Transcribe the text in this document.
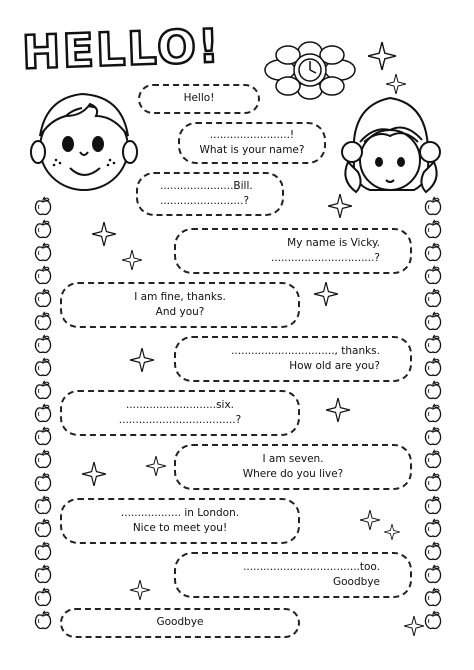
HELLO!
Hello!
........................!
What is your name?
......................Bill.
.........................?
My name is Vicky.
...............................?
I am fine, thanks.
And you?
..............................., thanks.
How old are you?
...........................six.
...................................?
I am seven.
Where do you live?
.................. in London.
Nice to meet you!
...................................too.
Goodbye
Goodbye
